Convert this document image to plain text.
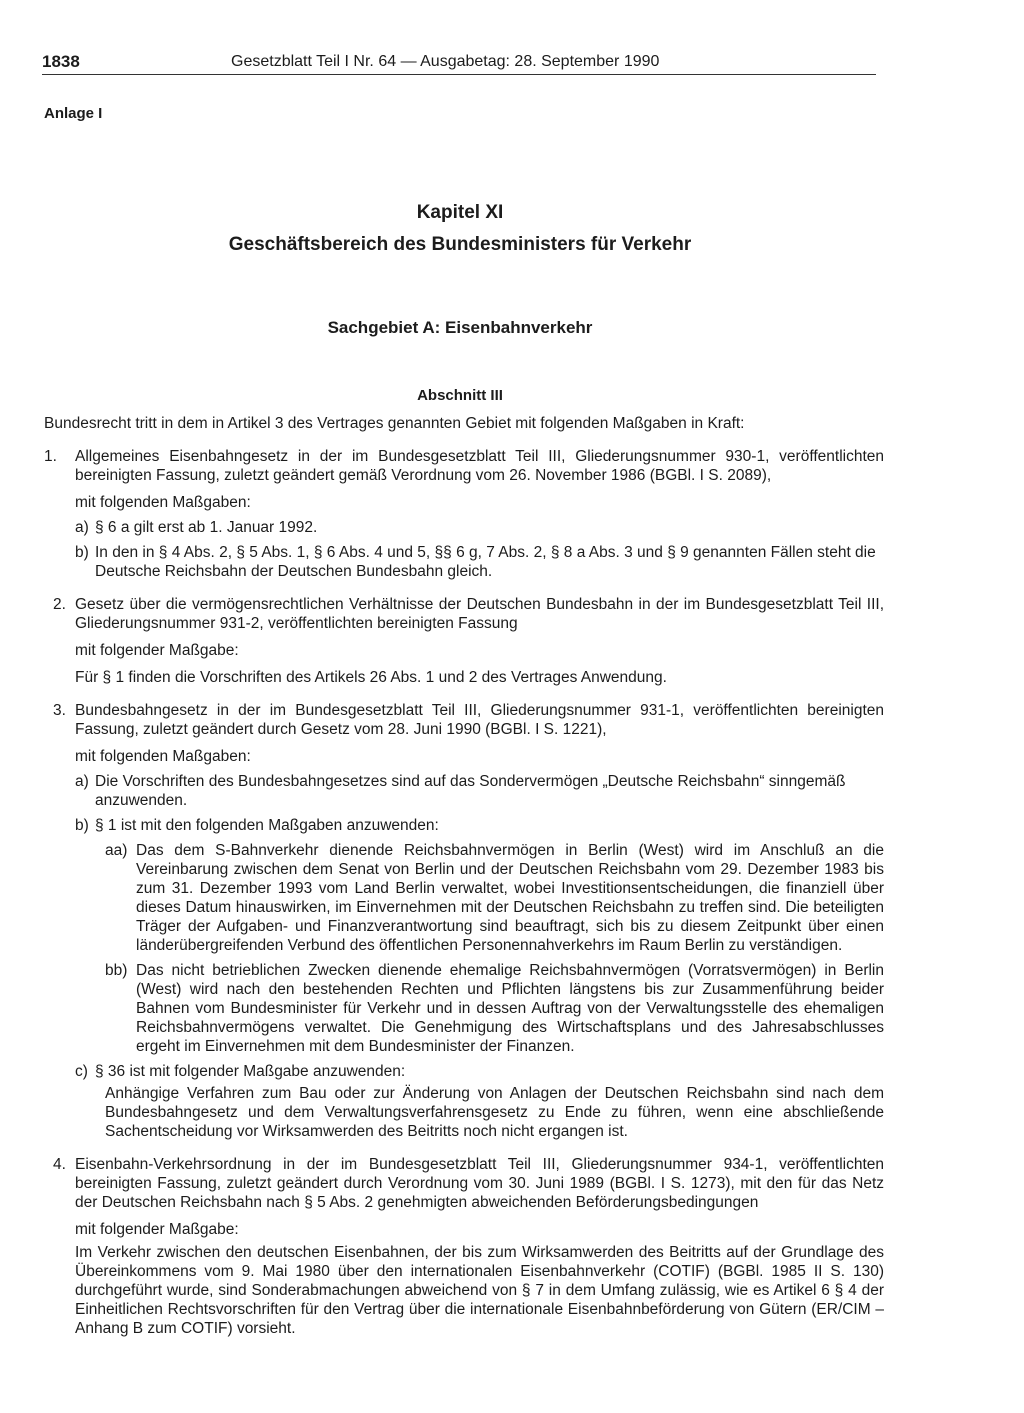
1838	Gesetzblatt Teil I Nr. 64 — Ausgabetag: 28. September 1990
Anlage I
Kapitel XI
Geschäftsbereich des Bundesministers für Verkehr
Sachgebiet A: Eisenbahnverkehr
Abschnitt III
Bundesrecht tritt in dem in Artikel 3 des Vertrages genannten Gebiet mit folgenden Maßgaben in Kraft:
1. Allgemeines Eisenbahngesetz in der im Bundesgesetzblatt Teil III, Gliederungsnummer 930-1, veröffentlichten bereinigten Fassung, zuletzt geändert gemäß Verordnung vom 26. November 1986 (BGBl. I S. 2089),

mit folgenden Maßgaben:
a) § 6 a gilt erst ab 1. Januar 1992.
b) In den in § 4 Abs. 2, § 5 Abs. 1, § 6 Abs. 4 und 5, §§ 6 g, 7 Abs. 2, § 8 a Abs. 3 und § 9 genannten Fällen steht die Deutsche Reichsbahn der Deutschen Bundesbahn gleich.
2. Gesetz über die vermögensrechtlichen Verhältnisse der Deutschen Bundesbahn in der im Bundesgesetzblatt Teil III, Gliederungsnummer 931-2, veröffentlichten bereinigten Fassung

mit folgender Maßgabe:
Für § 1 finden die Vorschriften des Artikels 26 Abs. 1 und 2 des Vertrages Anwendung.
3. Bundesbahngesetz in der im Bundesgesetzblatt Teil III, Gliederungsnummer 931-1, veröffentlichten bereinigten Fassung, zuletzt geändert durch Gesetz vom 28. Juni 1990 (BGBl. I S. 1221),

mit folgenden Maßgaben:
a) Die Vorschriften des Bundesbahngesetzes sind auf das Sondervermögen „Deutsche Reichsbahn“ sinngemäß anzuwenden.
b) § 1 ist mit den folgenden Maßgaben anzuwenden:
aa) Das dem S-Bahnverkehr dienende Reichsbahnvermögen in Berlin (West) wird im Anschluß an die Vereinbarung zwischen dem Senat von Berlin und der Deutschen Reichsbahn vom 29. Dezember 1983 bis zum 31. Dezember 1993 vom Land Berlin verwaltet, wobei Investitionsentscheidungen, die finanziell über dieses Datum hinauswirken, im Einvernehmen mit der Deutschen Reichsbahn zu treffen sind. Die beteiligten Träger der Aufgaben- und Finanzverantwortung sind beauftragt, sich bis zu diesem Zeitpunkt über einen länderübergreifenden Verbund des öffentlichen Personennahverkehrs im Raum Berlin zu verständigen.
bb) Das nicht betrieblichen Zwecken dienende ehemalige Reichsbahnvermögen (Vorratsvermögen) in Berlin (West) wird nach den bestehenden Rechten und Pflichten längstens bis zur Zusammenführung beider Bahnen vom Bundesminister für Verkehr und in dessen Auftrag von der Verwaltungsstelle des ehemaligen Reichsbahnvermögens verwaltet. Die Genehmigung des Wirtschaftsplans und des Jahresabschlusses ergeht im Einvernehmen mit dem Bundesminister der Finanzen.
c) § 36 ist mit folgender Maßgabe anzuwenden:
Anhängige Verfahren zum Bau oder zur Änderung von Anlagen der Deutschen Reichsbahn sind nach dem Bundesbahngesetz und dem Verwaltungsverfahrensgesetz zu Ende zu führen, wenn eine abschließende Sachentscheidung vor Wirksamwerden des Beitritts noch nicht ergangen ist.
4. Eisenbahn-Verkehrsordnung in der im Bundesgesetzblatt Teil III, Gliederungsnummer 934-1, veröffentlichten bereinigten Fassung, zuletzt geändert durch Verordnung vom 30. Juni 1989 (BGBl. I S. 1273), mit den für das Netz der Deutschen Reichsbahn nach § 5 Abs. 2 genehmigten abweichenden Beförderungsbedingungen

mit folgender Maßgabe:
Im Verkehr zwischen den deutschen Eisenbahnen, der bis zum Wirksamwerden des Beitritts auf der Grundlage des Übereinkommens vom 9. Mai 1980 über den internationalen Eisenbahnverkehr (COTIF) (BGBl. 1985 II S. 130) durchgeführt wurde, sind Sonderabmachungen abweichend von § 7 in dem Umfang zulässig, wie es Artikel 6 § 4 der Einheitlichen Rechtsvorschriften für den Vertrag über die internationale Eisenbahnbeförderung von Gütern (ER/CIM – Anhang B zum COTIF) vorsieht.
